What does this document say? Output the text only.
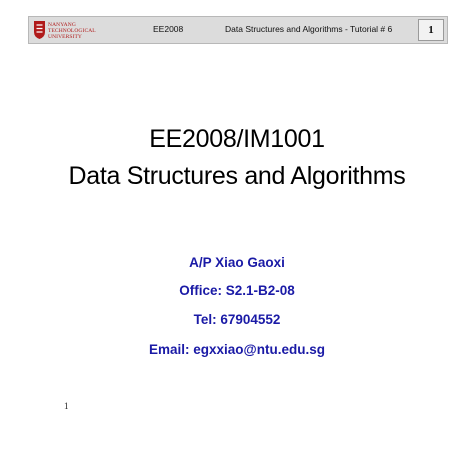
NANYANG
TECHNOLOGICAL
UNIVERSITY
EE2008	Data Structures and Algorithms - Tutorial # 6	1
EE2008/IM1001
Data Structures and Algorithms
A/P Xiao Gaoxi
Office: S2.1-B2-08
Tel: 67904552
Email: egxxiao@ntu.edu.sg
1
